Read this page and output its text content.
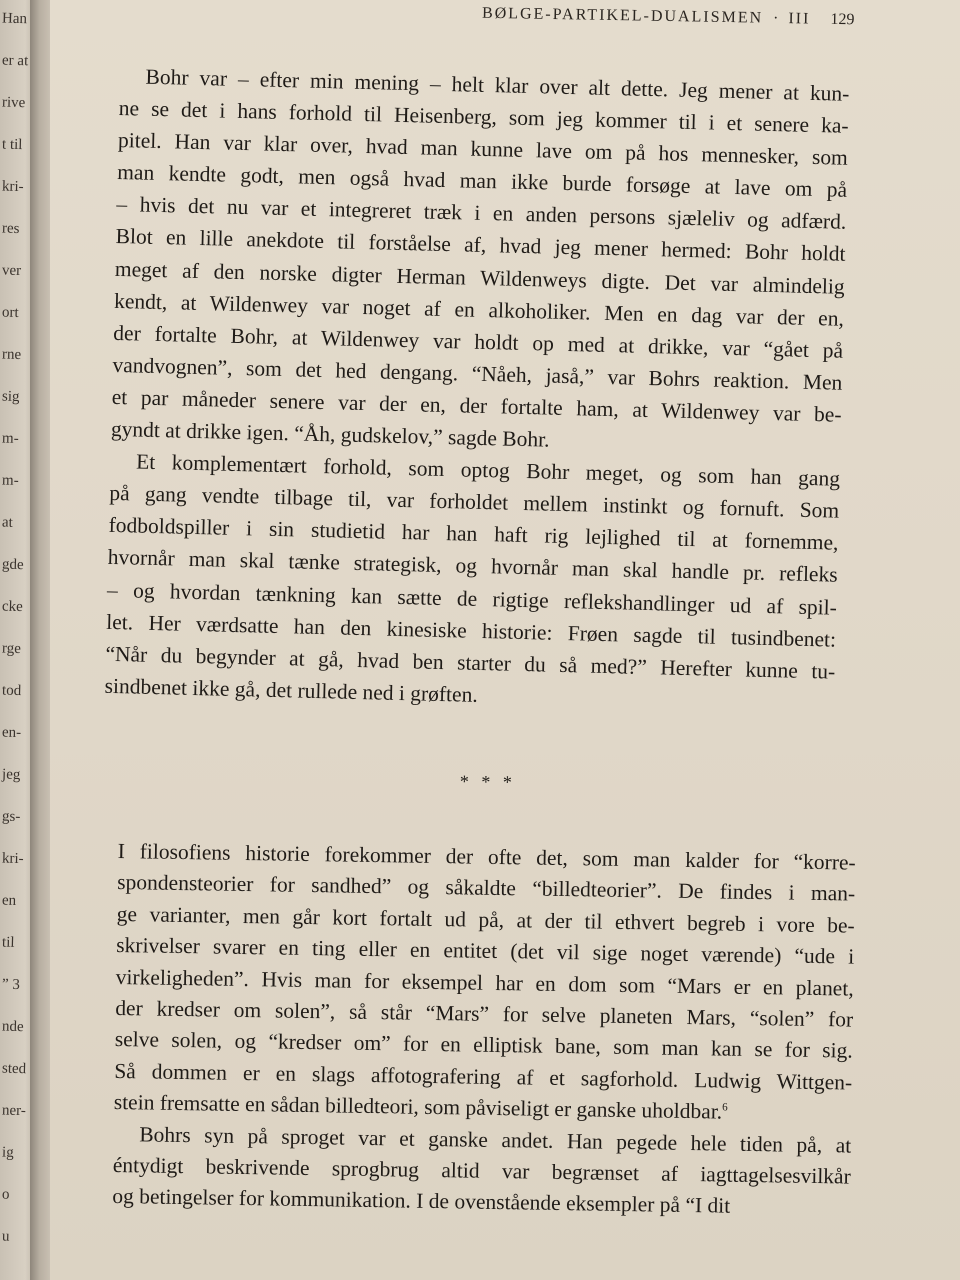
Han
er at
rive
t til
kri-
res
ver
ort
rne
sig
m-
m-
at
gde
cke
rge
tod
en-
jeg
gs-
kri-
en
til
” 3
nde
sted
ner-
ig
o
u
BØLGE-PARTIKEL-DUALISMEN · III 129
Bohr var – efter min mening – helt klar over alt dette. Jeg mener at kun-
ne se det i hans forhold til Heisenberg, som jeg kommer til i et senere ka-
pitel. Han var klar over, hvad man kunne lave om på hos mennesker, som
man kendte godt, men også hvad man ikke burde forsøge at lave om på
– hvis det nu var et integreret træk i en anden persons sjæleliv og adfærd.
Blot en lille anekdote til forståelse af, hvad jeg mener hermed: Bohr holdt
meget af den norske digter Herman Wildenweys digte. Det var almindelig
kendt, at Wildenwey var noget af en alkoholiker. Men en dag var der en,
der fortalte Bohr, at Wildenwey var holdt op med at drikke, var “gået på
vandvognen”, som det hed dengang. “Nåeh, jaså,” var Bohrs reaktion. Men
et par måneder senere var der en, der fortalte ham, at Wildenwey var be-
gyndt at drikke igen. “Åh, gudskelov,” sagde Bohr.
Et komplementært forhold, som optog Bohr meget, og som han gang
på gang vendte tilbage til, var forholdet mellem instinkt og fornuft. Som
fodboldspiller i sin studietid har han haft rig lejlighed til at fornemme,
hvornår man skal tænke strategisk, og hvornår man skal handle pr. refleks
– og hvordan tænkning kan sætte de rigtige reflekshandlinger ud af spil-
let. Her værdsatte han den kinesiske historie: Frøen sagde til tusindbenet:
“Når du begynder at gå, hvad ben starter du så med?” Herefter kunne tu-
sindbenet ikke gå, det rullede ned i grøften.
* * *
I filosofiens historie forekommer der ofte det, som man kalder for “korre-
spondensteorier for sandhed” og såkaldte “billedteorier”. De findes i man-
ge varianter, men går kort fortalt ud på, at der til ethvert begreb i vore be-
skrivelser svarer en ting eller en entitet (det vil sige noget værende) “ude i
virkeligheden”. Hvis man for eksempel har en dom som “Mars er en planet,
der kredser om solen”, så står “Mars” for selve planeten Mars, “solen” for
selve solen, og “kredser om” for en elliptisk bane, som man kan se for sig.
Så dommen er en slags affotografering af et sagforhold. Ludwig Wittgen-
stein fremsatte en sådan billedteori, som påviseligt er ganske uholdbar.$^6$
Bohrs syn på sproget var et ganske andet. Han pegede hele tiden på, at
éntydigt beskrivende sprogbrug altid var begrænset af iagttagelsesvilkår
og betingelser for kommunikation. I de ovenstående eksempler på “I dit
